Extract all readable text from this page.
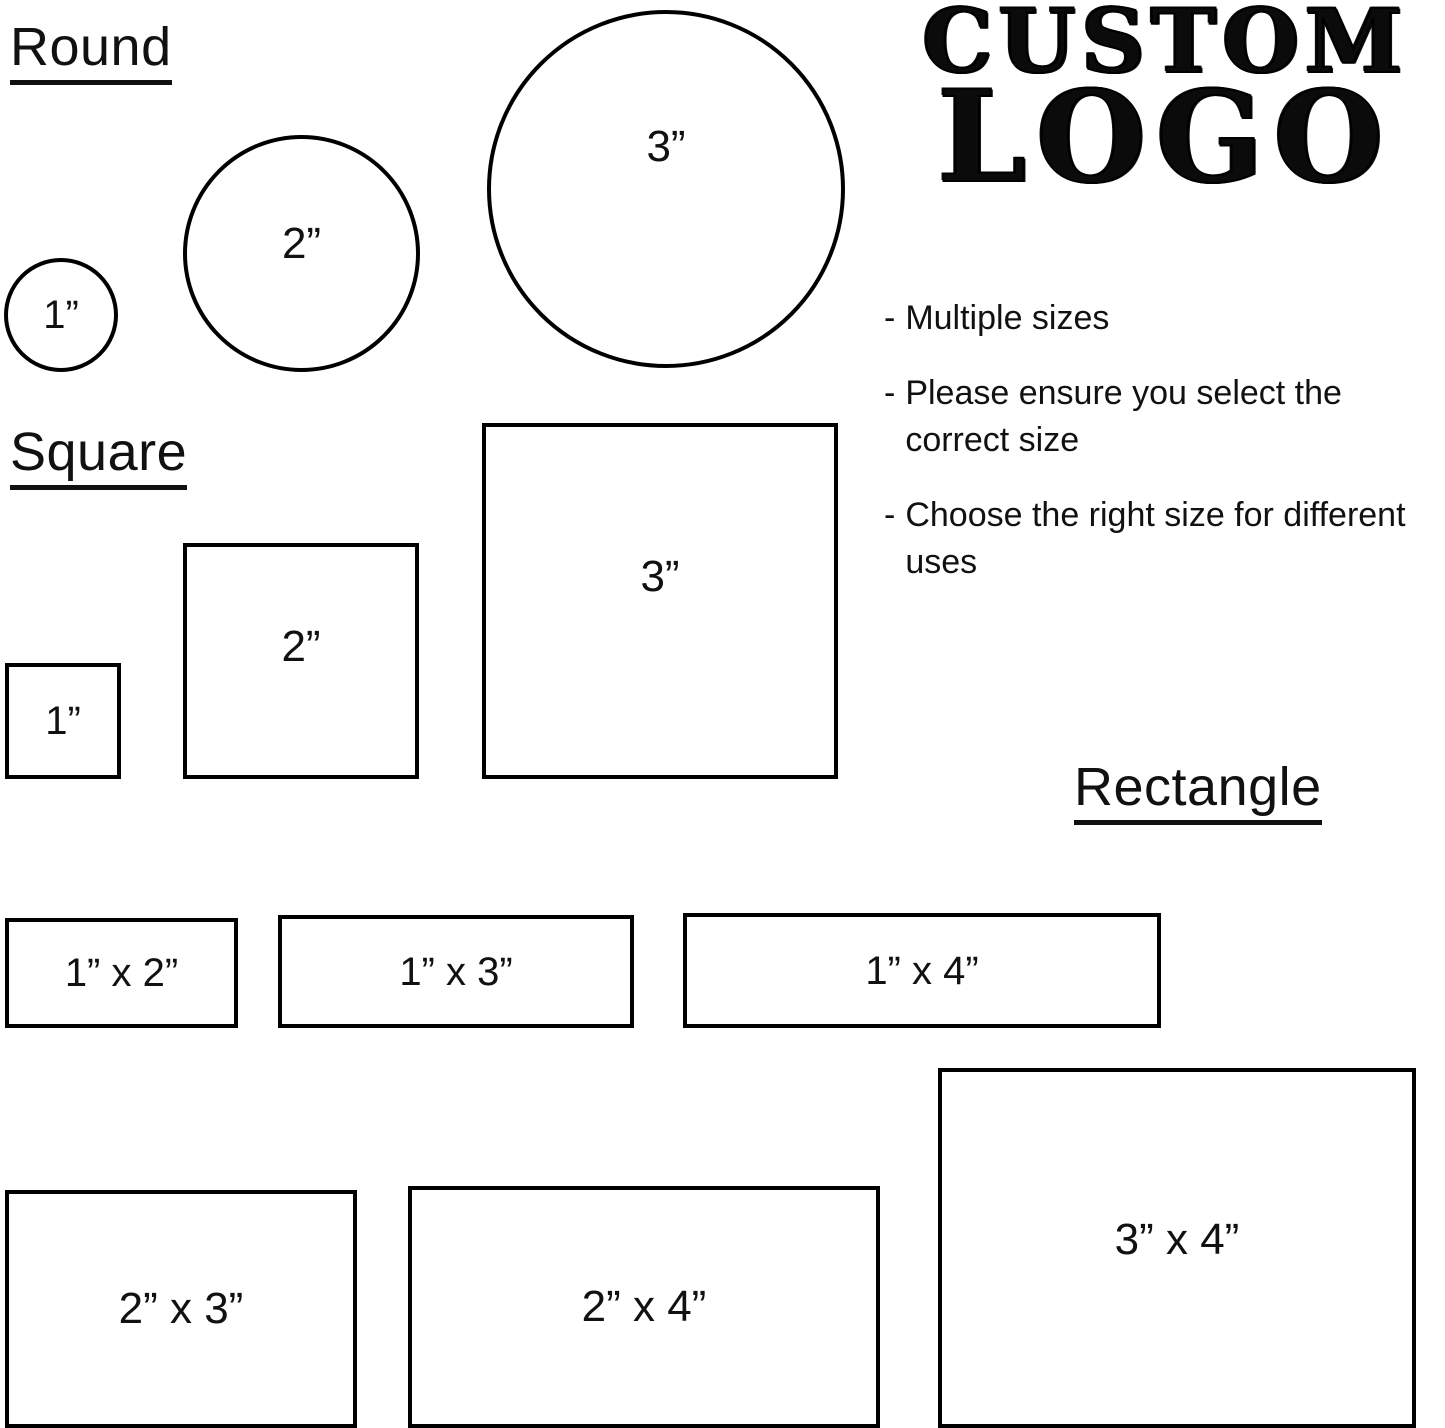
Round
1”
2”
3”
Square
1”
2”
3”
Rectangle
1” x 2”	1” x 3”	1” x 4”
2” x 3”	2” x 4”
3” x 4”
CUSTOM
LOGO
- Multiple sizes
- Please ensure you select the correct size
- Choose the right size for different uses
